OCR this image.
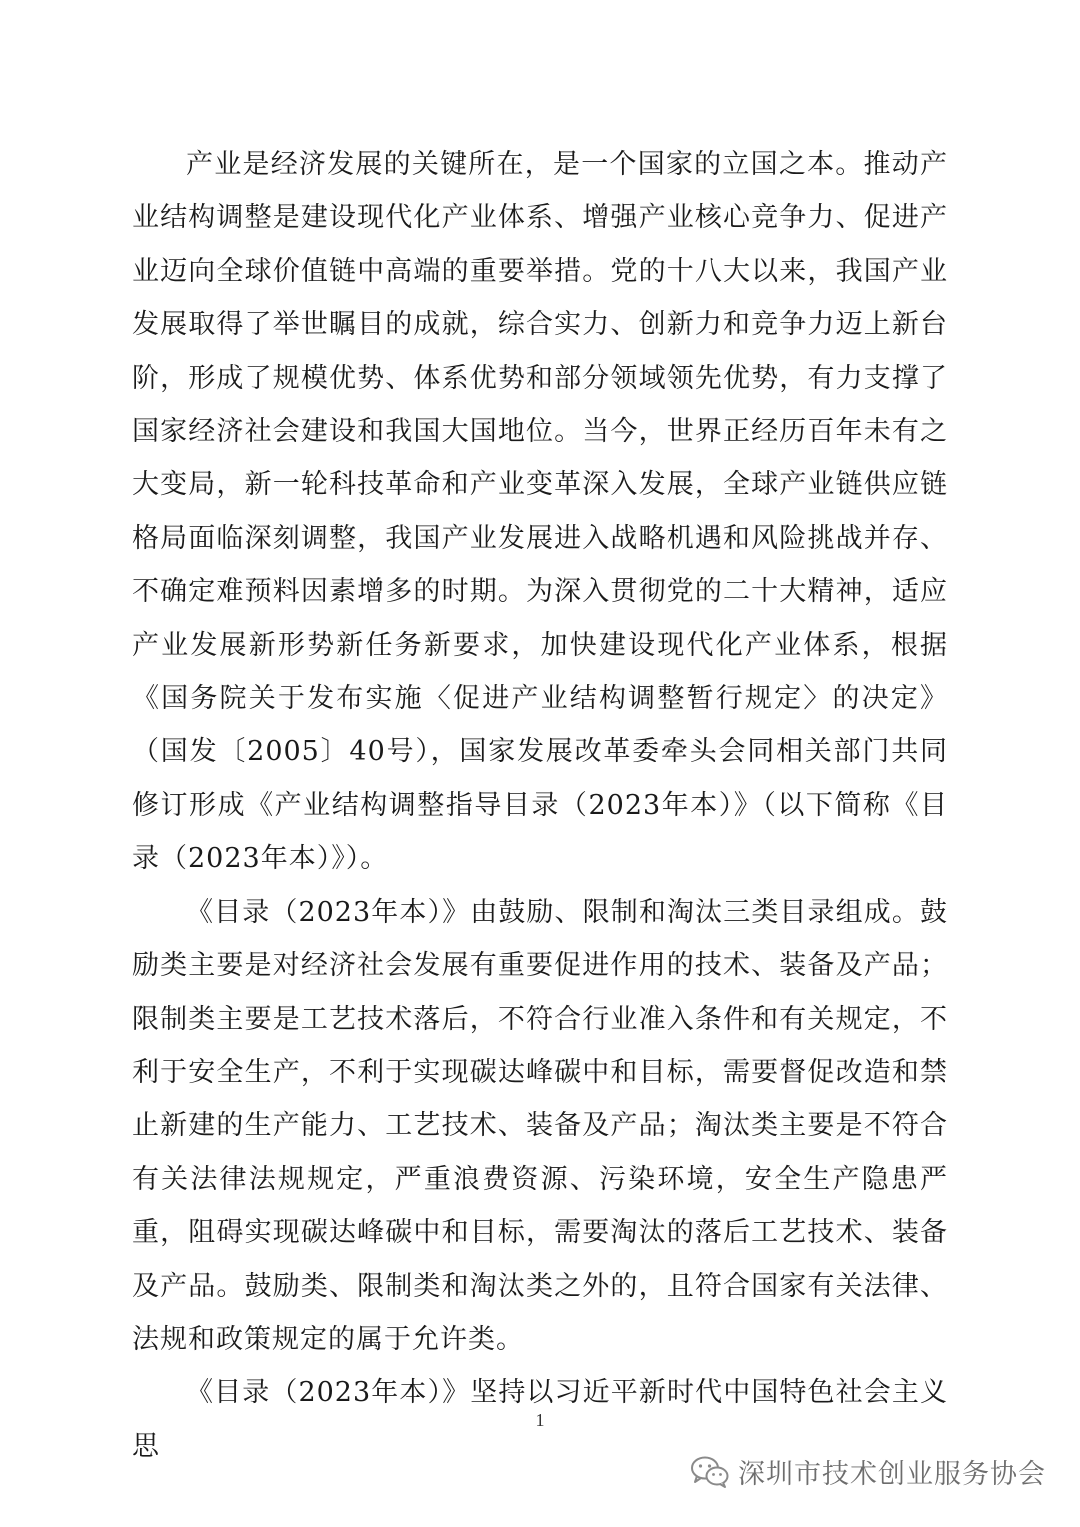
产业是经济发展的关键所在，是一个国家的立国之本。推动产业结构调整是建设现代化产业体系、增强产业核心竞争力、促进产业迈向全球价值链中高端的重要举措。党的十八大以来，我国产业发展取得了举世瞩目的成就，综合实力、创新力和竞争力迈上新台阶，形成了规模优势、体系优势和部分领域领先优势，有力支撑了国家经济社会建设和我国大国地位。当今，世界正经历百年未有之大变局，新一轮科技革命和产业变革深入发展，全球产业链供应链格局面临深刻调整，我国产业发展进入战略机遇和风险挑战并存、不确定难预料因素增多的时期。为深入贯彻党的二十大精神，适应产业发展新形势新任务新要求，加快建设现代化产业体系，根据《国务院关于发布实施〈促进产业结构调整暂行规定〉的决定》（国发〔2005〕40号），国家发展改革委牵头会同相关部门共同修订形成《产业结构调整指导目录（2023年本）》（以下简称《目录（2023年本）》）。

《目录（2023年本）》由鼓励、限制和淘汰三类目录组成。鼓励类主要是对经济社会发展有重要促进作用的技术、装备及产品；限制类主要是工艺技术落后，不符合行业准入条件和有关规定，不利于安全生产，不利于实现碳达峰碳中和目标，需要督促改造和禁止新建的生产能力、工艺技术、装备及产品；淘汰类主要是不符合有关法律法规规定，严重浪费资源、污染环境，安全生产隐患严重，阻碍实现碳达峰碳中和目标，需要淘汰的落后工艺技术、装备及产品。鼓励类、限制类和淘汰类之外的，且符合国家有关法律、法规和政策规定的属于允许类。

《目录（2023年本）》坚持以习近平新时代中国特色社会主义思

1
深圳市技术创业服务协会
